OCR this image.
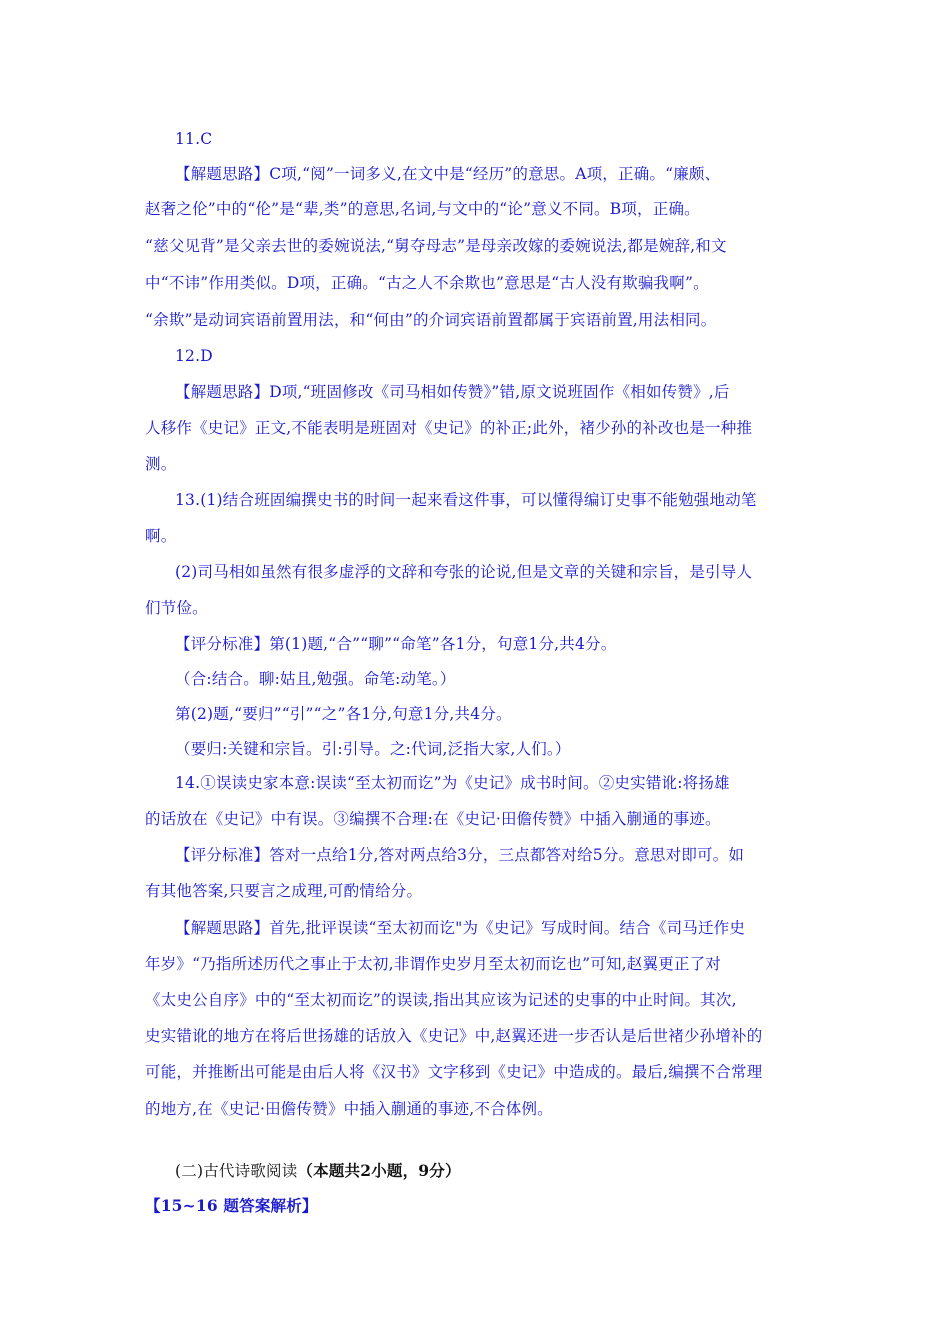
11.C
【解题思路】C项,“阅”一词多义,在文中是“经历”的意思。A项，正确。“廉颇、
赵奢之伦”中的“伦”是“辈,类”的意思,名词,与文中的“论”意义不同。B项，正确。
“慈父见背”是父亲去世的委婉说法,“舅夺母志”是母亲改嫁的委婉说法,都是婉辞,和文
中“不讳”作用类似。D项，正确。“古之人不余欺也”意思是“古人没有欺骗我啊”。
“余欺”是动词宾语前置用法，和“何由”的介词宾语前置都属于宾语前置,用法相同。
12.D
【解题思路】D项,“班固修改《司马相如传赞》”错,原文说班固作《相如传赞》,后
人移作《史记》正文,不能表明是班固对《史记》的补正;此外，褚少孙的补改也是一种推
测。
13.(1)结合班固编撰史书的时间一起来看这件事，可以懂得编订史事不能勉强地动笔
啊。
(2)司马相如虽然有很多虚浮的文辞和夸张的论说,但是文章的关键和宗旨，是引导人
们节俭。
【评分标准】第(1)题,“合”“聊”“命笔”各1分，句意1分,共4分。
（合:结合。聊:姑且,勉强。命笔:动笔。）
第(2)题,“要归”“引”“之”各1分,句意1分,共4分。
（要归:关键和宗旨。引:引导。之:代词,泛指大家,人们。）
14.①误读史家本意:误读“至太初而讫”为《史记》成书时间。②史实错讹:将扬雄
的话放在《史记》中有误。③编撰不合理:在《史记·田儋传赞》中插入蒯通的事迹。
【评分标准】答对一点给1分,答对两点给3分，三点都答对给5分。意思对即可。如
有其他答案,只要言之成理,可酌情给分。
【解题思路】首先,批评误读“至太初而讫"为《史记》写成时间。结合《司马迁作史
年岁》“乃指所述历代之事止于太初,非谓作史岁月至太初而讫也”可知,赵翼更正了对
《太史公自序》中的“至太初而讫”的误读,指出其应该为记述的史事的中止时间。其次,
史实错讹的地方在将后世扬雄的话放入《史记》中,赵翼还进一步否认是后世褚少孙增补的
可能，并推断出可能是由后人将《汉书》文字移到《史记》中造成的。最后,编撰不合常理
的地方,在《史记·田儋传赞》中插入蒯通的事迹,不合体例。
(二)古代诗歌阅读（本题共2小题，9分）
【15~16 题答案解析】
